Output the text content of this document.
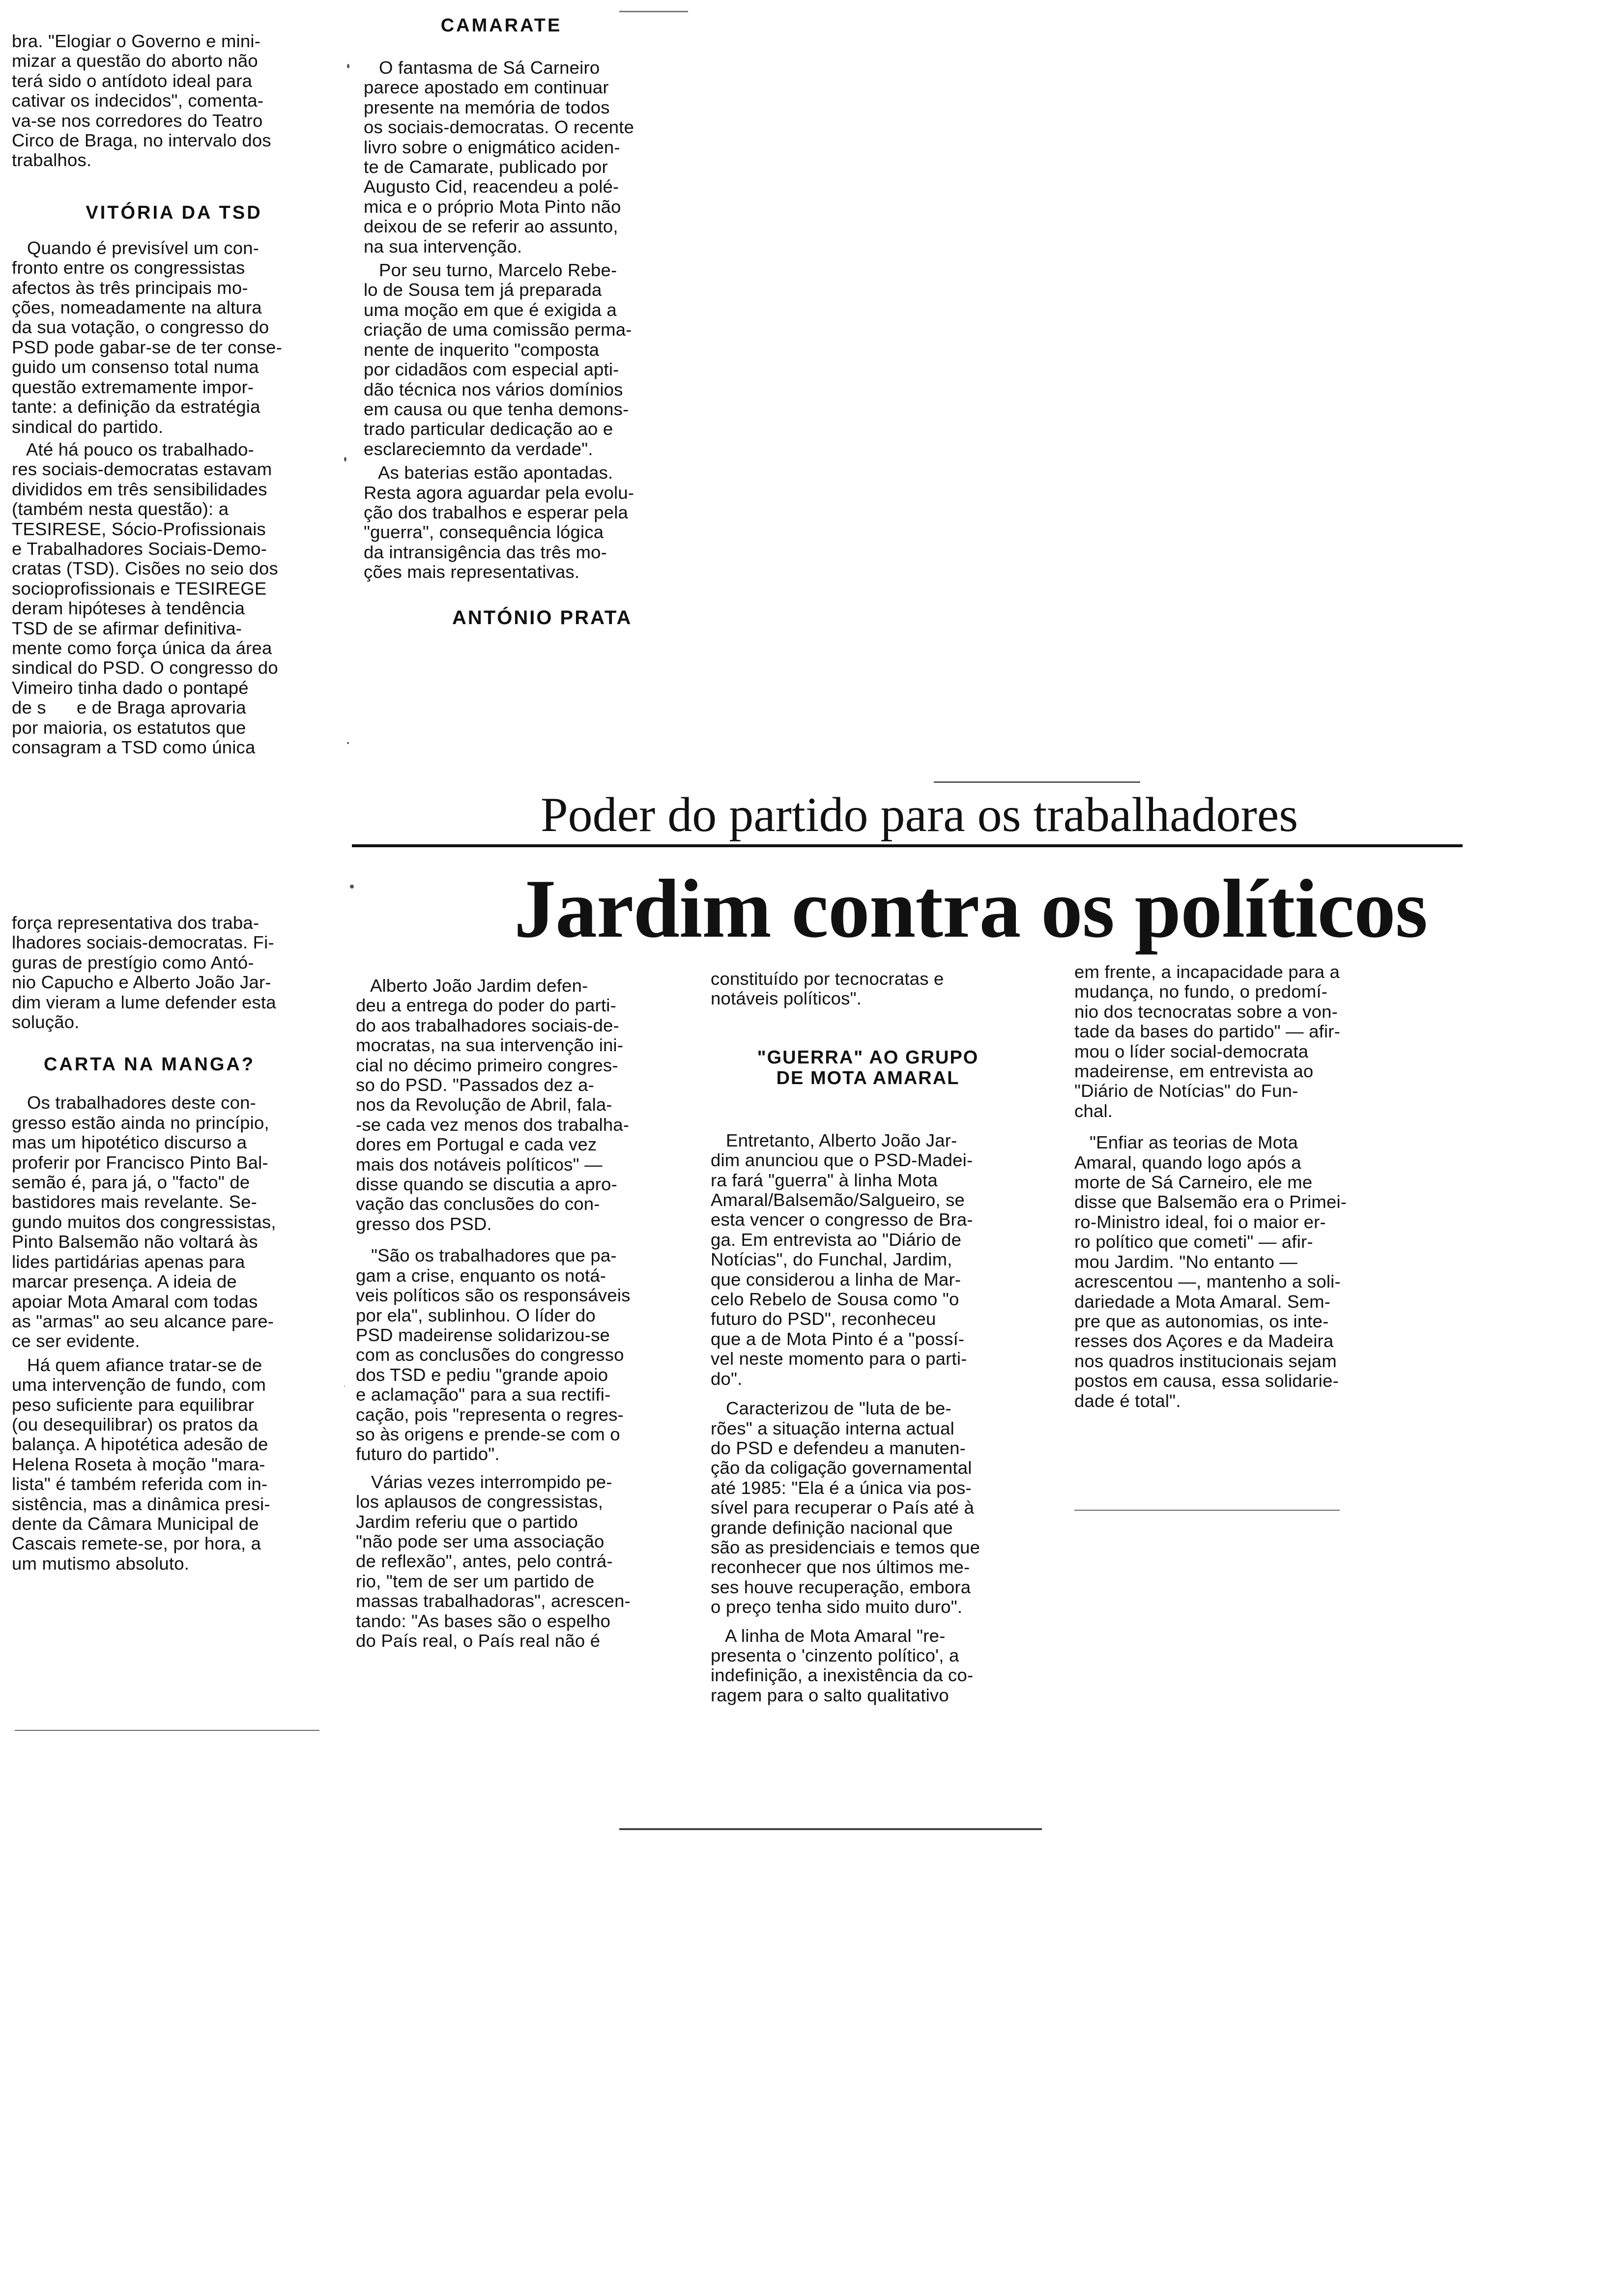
bra. "Elogiar o Governo e mini-

mizar a questão do aborto não

terá sido o antídoto ideal para

cativar os indecidos", comenta-

va-se nos corredores do Teatro

Circo de Braga, no intervalo dos

trabalhos.

VITÓRIA DA TSD

Quando é previsível um con-

fronto entre os congressistas

afectos às três principais mo-

ções, nomeadamente na altura

da sua votação, o congresso do

PSD pode gabar-se de ter conse-

guido um consenso total numa

questão extremamente impor-

tante: a definição da estratégia

sindical do partido.

Até há pouco os trabalhado-

res sociais-democratas estavam

divididos em três sensibilidades

(também nesta questão): a

TESIRESE, Sócio-Profissionais

e Trabalhadores Sociais-Demo-

cratas (TSD). Cisões no seio dos

socioprofissionais e TESIREGE

deram hipóteses à tendência

TSD de se afirmar definitiva-

mente como força única da área

sindical do PSD. O congresso do

Vimeiro tinha dado o pontapé

de s      e de Braga aprovaria

por maioria, os estatutos que

consagram a TSD como única

CAMARATE

O fantasma de Sá Carneiro

parece apostado em continuar

presente na memória de todos

os sociais-democratas. O recente

livro sobre o enigmático aciden-

te de Camarate, publicado por

Augusto Cid, reacendeu a polé-

mica e o próprio Mota Pinto não

deixou de se referir ao assunto,

na sua intervenção.

Por seu turno, Marcelo Rebe-

lo de Sousa tem já preparada

uma moção em que é exigida a

criação de uma comissão perma-

nente de inquerito "composta

por cidadãos com especial apti-

dão técnica nos vários domínios

em causa ou que tenha demons-

trado particular dedicação ao e

esclareciemnto da verdade".

As baterias estão apontadas.

Resta agora aguardar pela evolu-

ção dos trabalhos e esperar pela

"guerra", consequência lógica

da intransigência das três mo-

ções mais representativas.

ANTÓNIO PRATA
Poder do partido para os trabalhadores
Jardim contra os políticos

força representativa dos traba-

lhadores sociais-democratas. Fi-

guras de prestígio como Antó-

nio Capucho e Alberto João Jar-

dim vieram a lume defender esta

solução.

CARTA NA MANGA?

Os trabalhadores deste con-

gresso estão ainda no princípio,

mas um hipotético discurso a

proferir por Francisco Pinto Bal-

semão é, para já, o "facto" de

bastidores mais revelante. Se-

gundo muitos dos congressistas,

Pinto Balsemão não voltará às

lides partidárias apenas para

marcar presença. A ideia de

apoiar Mota Amaral com todas

as "armas" ao seu alcance pare-

ce ser evidente.

Há quem afiance tratar-se de

uma intervenção de fundo, com

peso suficiente para equilibrar

(ou desequilibrar) os pratos da

balança. A hipotética adesão de

Helena Roseta à moção "mara-

lista" é também referida com in-

sistência, mas a dinâmica presi-

dente da Câmara Municipal de

Cascais remete-se, por hora, a

um mutismo absoluto.

Alberto João Jardim defen-

deu a entrega do poder do parti-

do aos trabalhadores sociais-de-

mocratas, na sua intervenção ini-

cial no décimo primeiro congres-

so do PSD. "Passados dez a-

nos da Revolução de Abril, fala-

-se cada vez menos dos trabalha-

dores em Portugal e cada vez

mais dos notáveis políticos" —

disse quando se discutia a apro-

vação das conclusões do con-

gresso dos PSD.

"São os trabalhadores que pa-

gam a crise, enquanto os notá-

veis políticos são os responsáveis

por ela", sublinhou. O líder do

PSD madeirense solidarizou-se

com as conclusões do congresso

dos TSD e pediu "grande apoio

e aclamação" para a sua rectifi-

cação, pois "representa o regres-

so às origens e prende-se com o

futuro do partido".

Várias vezes interrompido pe-

los aplausos de congressistas,

Jardim referiu que o partido

"não pode ser uma associação

de reflexão", antes, pelo contrá-

rio, "tem de ser um partido de

massas trabalhadoras", acrescen-

tando: "As bases são o espelho

do País real, o País real não é

constituído por tecnocratas e

notáveis políticos".

"GUERRA" AO GRUPO
DE MOTA AMARAL

Entretanto, Alberto João Jar-

dim anunciou que o PSD-Madei-

ra fará "guerra" à linha Mota

Amaral/Balsemão/Salgueiro, se

esta vencer o congresso de Bra-

ga. Em entrevista ao "Diário de

Notícias", do Funchal, Jardim,

que considerou a linha de Mar-

celo Rebelo de Sousa como "o

futuro do PSD", reconheceu

que a de Mota Pinto é a "possí-

vel neste momento para o parti-

do".

Caracterizou de "luta de be-

rões" a situação interna actual

do PSD e defendeu a manuten-

ção da coligação governamental

até 1985: "Ela é a única via pos-

sível para recuperar o País até à

grande definição nacional que

são as presidenciais e temos que

reconhecer que nos últimos me-

ses houve recuperação, embora

o preço tenha sido muito duro".

A linha de Mota Amaral "re-

presenta o 'cinzento político', a

indefinição, a inexistência da co-

ragem para o salto qualitativo

em frente, a incapacidade para a

mudança, no fundo, o predomí-

nio dos tecnocratas sobre a von-

tade da bases do partido" — afir-

mou o líder social-democrata

madeirense, em entrevista ao

"Diário de Notícias" do Fun-

chal.

"Enfiar as teorias de Mota

Amaral, quando logo após a

morte de Sá Carneiro, ele me

disse que Balsemão era o Primei-

ro-Ministro ideal, foi o maior er-

ro político que cometi" — afir-

mou Jardim. "No entanto —

acrescentou —, mantenho a soli-

dariedade a Mota Amaral. Sem-

pre que as autonomias, os inte-

resses dos Açores e da Madeira

nos quadros institucionais sejam

postos em causa, essa solidarie-

dade é total".
